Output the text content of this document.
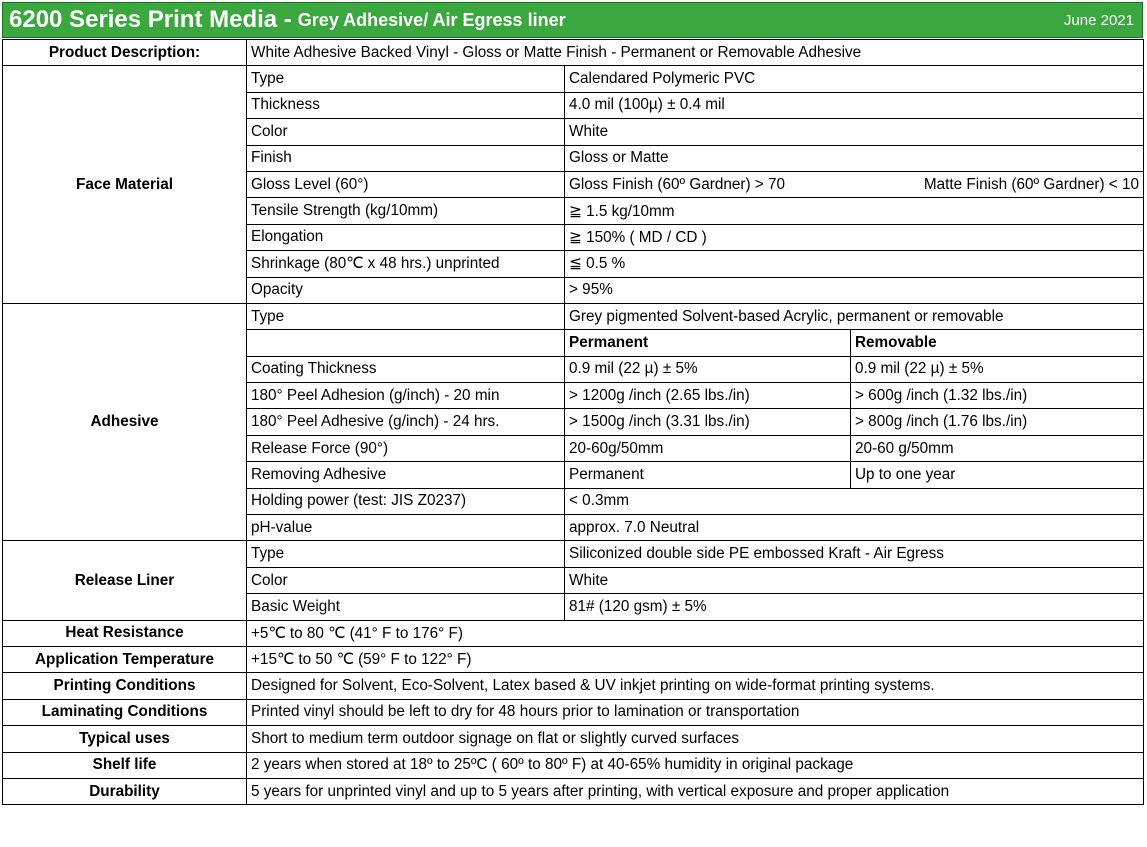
6200 Series Print Media - Grey Adhesive/ Air Egress liner	June 2021
Product Description:	White Adhesive Backed Vinyl - Gloss or Matte Finish - Permanent or Removable Adhesive		
Face Material	Type	Calendared Polymeric PVC	
	Thickness	4.0 mil (100µ) ± 0.4 mil	
	Color	White	
	Finish	Gloss or Matte	
	Gloss Level (60°)	Gloss Finish (60º Gardner) > 70 Matte Finish (60º Gardner) < 10	

	Tensile Strength (kg/10mm)	≧ 1.5 kg/10mm	
	Elongation	≧ 150% ( MD / CD )	
	Shrinkage (80℃ x 48 hrs.) unprinted	≦ 0.5 %	
	Opacity	> 95%	
Adhesive	Type	Grey pigmented Solvent-based Acrylic, permanent or removable	
		Permanent	Removable
	Coating Thickness	0.9 mil (22 µ) ± 5%	0.9 mil (22 µ) ± 5%
	180° Peel Adhesion (g/inch) - 20 min	> 1200g /inch (2.65 lbs./in)	> 600g /inch (1.32 lbs./in)
	180° Peel Adhesive (g/inch) - 24 hrs.	> 1500g /inch (3.31 lbs./in)	> 800g /inch (1.76 lbs./in)
	Release Force (90°)	20-60g/50mm	20-60 g/50mm
	Removing Adhesive	Permanent	Up to one year
	Holding power (test: JIS Z0237)	< 0.3mm	
	pH-value	approx. 7.0 Neutral	
Release Liner	Type	Siliconized double side PE embossed Kraft - Air Egress	
	Color	White	
	Basic Weight	81# (120 gsm) ± 5%	
Heat Resistance	+5℃ to 80 ℃ (41° F to 176° F)		
Application Temperature	+15℃ to 50 ℃ (59° F to 122° F)		
Printing Conditions	Designed for Solvent, Eco-Solvent, Latex based & UV inkjet printing on wide-format printing systems.		
Laminating Conditions	Printed vinyl should be left to dry for 48 hours prior to lamination or transportation		
Typical uses	Short to medium term outdoor signage on flat or slightly curved surfaces		
Shelf life	2 years when stored at 18º to 25ºC ( 60º to 80º F) at 40-65% humidity in original package		
Durability	5 years for unprinted vinyl and up to 5 years after printing, with vertical exposure and proper application		
